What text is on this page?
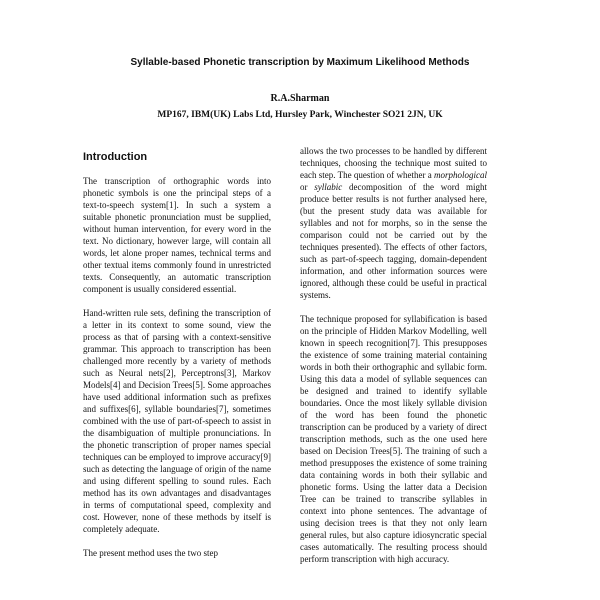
Syllable-based Phonetic transcription by Maximum Likelihood Methods
R.A.Sharman
MP167, IBM(UK) Labs Ltd, Hursley Park, Winchester SO21 2JN, UK
Introduction

The transcription of orthographic words into phonetic symbols is one the principal steps of a text-to-speech system[1]. In such a system a suitable phonetic pronunciation must be supplied, without human intervention, for every word in the text. No dictionary, however large, will contain all words, let alone proper names, technical terms and other textual items commonly found in unrestricted texts. Consequently, an automatic transcription component is usually considered essential.

Hand-written rule sets, defining the transcription of a letter in its context to some sound, view the process as that of parsing with a context-sensitive grammar. This approach to transcription has been challenged more recently by a variety of methods such as Neural nets[2], Perceptrons[3], Markov Models[4] and Decision Trees[5]. Some approaches have used additional information such as prefixes and suffixes[6], syllable boundaries[7], sometimes combined with the use of part-of-speech to assist in the disambiguation of multiple pronunciations. In the phonetic transcription of proper names special techniques can be employed to improve accuracy[9] such as detecting the language of origin of the name and using different spelling to sound rules. Each method has its own advantages and disadvantages in terms of computational speed, complexity and cost. However, none of these methods by itself is completely adequate.

The present method uses the two step

allows the two processes to be handled by different techniques, choosing the technique most suited to each step. The question of whether a morphological or syllabic decomposition of the word might produce better results is not further analysed here, (but the present study data was available for syllables and not for morphs, so in the sense the comparison could not be carried out by the techniques presented). The effects of other factors, such as part-of-speech tagging, domain-dependent information, and other information sources were ignored, although these could be useful in practical systems.

The technique proposed for syllabification is based on the principle of Hidden Markov Modelling, well known in speech recognition[7]. This presupposes the existence of some training material containing words in both their orthographic and syllabic form. Using this data a model of syllable sequences can be designed and trained to identify syllable boundaries. Once the most likely syllable division of the word has been found the phonetic transcription can be produced by a variety of direct transcription methods, such as the one used here based on Decision Trees[5]. The training of such a method presupposes the existence of some training data containing words in both their syllabic and phonetic forms. Using the latter data a Decision Tree can be trained to transcribe syllables in context into phone sentences. The advantage of using decision trees is that they not only learn general rules, but also capture idiosyncratic special cases automatically. The resulting process should perform transcription with high accuracy.
